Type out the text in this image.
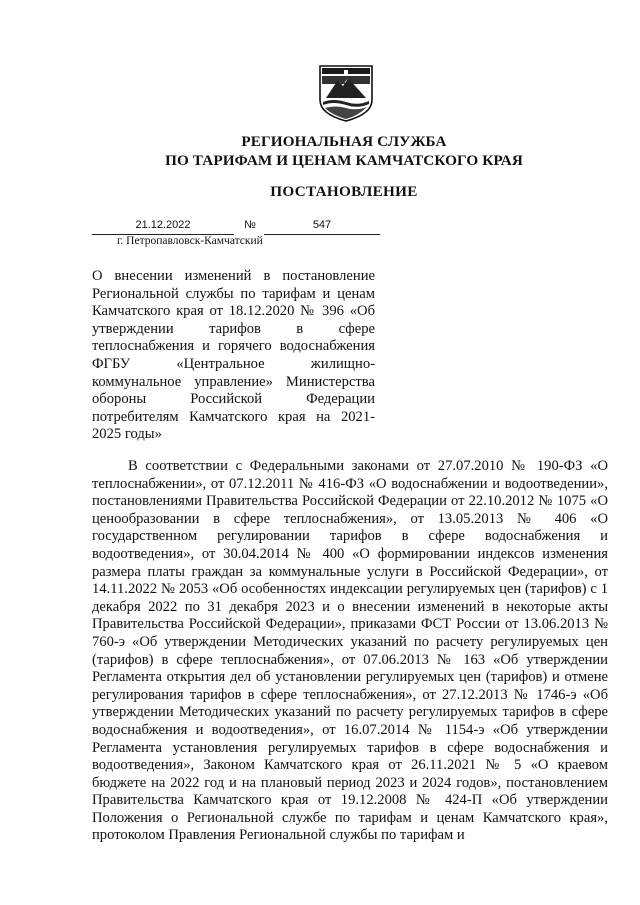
РЕГИОНАЛЬНАЯ СЛУЖБА
ПО ТАРИФАМ И ЦЕНАМ КАМЧАТСКОГО КРАЯ
ПОСТАНОВЛЕНИЕ
21.12.2022	№	547
г. Петропавловск-Камчатский
О внесении изменений в постановление Региональной службы по тарифам и ценам Камчатского края от 18.12.2020 № 396 «Об утверждении тарифов в сфере теплоснабжения и горячего водоснабжения ФГБУ «Центральное жилищно-коммунальное управление» Министерства обороны Российской Федерации потребителям Камчатского края на 2021-2025 годы»
В соответствии с Федеральными законами от 27.07.2010 № 190-ФЗ «О теплоснабжении», от 07.12.2011 № 416-ФЗ «О водоснабжении и водоотведении», постановлениями Правительства Российской Федерации от 22.10.2012 № 1075 «О ценообразовании в сфере теплоснабжения», от 13.05.2013 № 406 «О государственном регулировании тарифов в сфере водоснабжения и водоотведения», от 30.04.2014 № 400 «О формировании индексов изменения размера платы граждан за коммунальные услуги в Российской Федерации», от 14.11.2022 № 2053 «Об особенностях индексации регулируемых цен (тарифов) с 1 декабря 2022 по 31 декабря 2023 и о внесении изменений в некоторые акты Правительства Российской Федерации», приказами ФСТ России от 13.06.2013 № 760-э «Об утверждении Методических указаний по расчету регулируемых цен (тарифов) в сфере теплоснабжения», от 07.06.2013 № 163 «Об утверждении Регламента открытия дел об установлении регулируемых цен (тарифов) и отмене регулирования тарифов в сфере теплоснабжения», от 27.12.2013 № 1746-э «Об утверждении Методических указаний по расчету регулируемых тарифов в сфере водоснабжения и водоотведения», от 16.07.2014 № 1154-э «Об утверждении Регламента установления регулируемых тарифов в сфере водоснабжения и водоотведения», Законом Камчатского края от 26.11.2021 № 5 «О краевом бюджете на 2022 год и на плановый период 2023 и 2024 годов», постановлением Правительства Камчатского края от 19.12.2008 № 424-П «Об утверждении Положения о Региональной службе по тарифам и ценам Камчатского края», протоколом Правления Региональной службы по тарифам и
